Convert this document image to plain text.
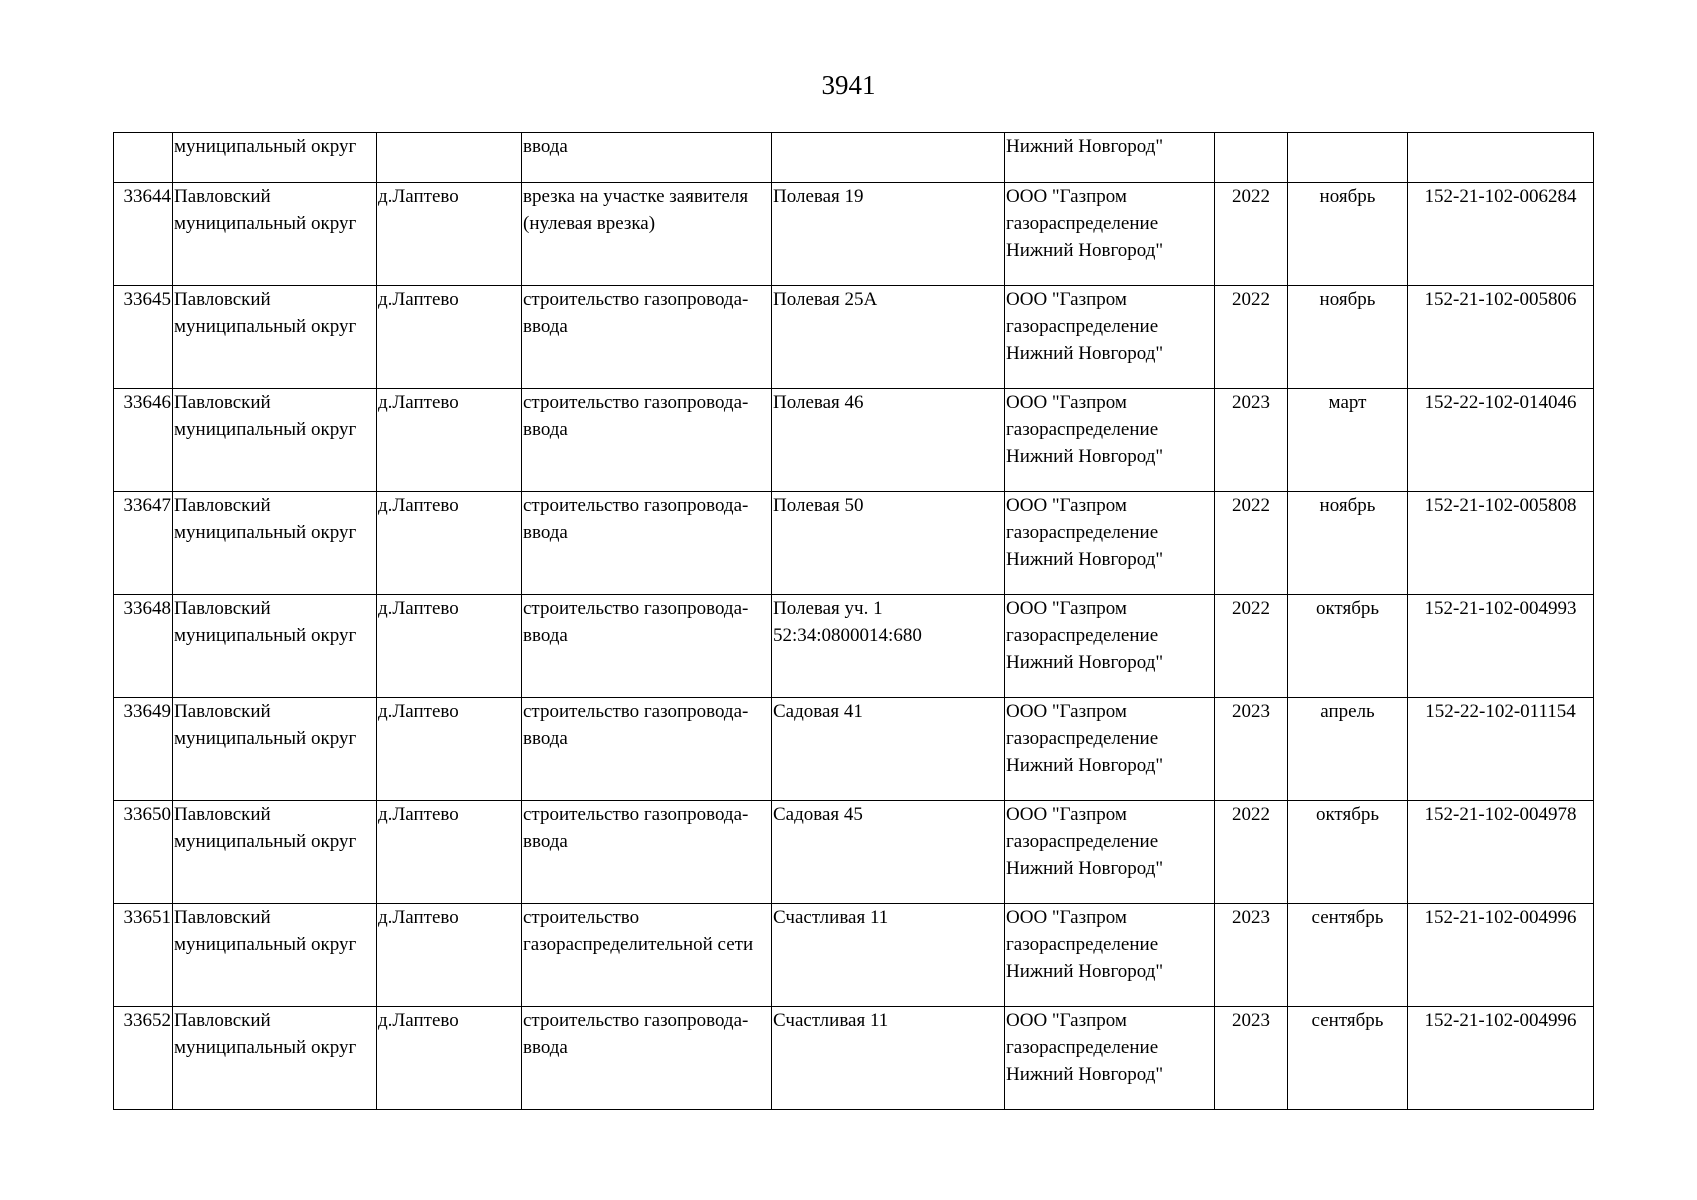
3941

	муниципальный округ		ввода		Нижний Новгород"			

33644	Павловский
муниципальный округ	д.Лаптево	врезка на участке заявителя
(нулевая врезка)	Полевая 19	ООО "Газпром
газораспределение
Нижний Новгород"	2022	ноябрь	152-21-102-006284
33645	Павловский
муниципальный округ	д.Лаптево	строительство газопровода-
ввода	Полевая 25А	ООО "Газпром
газораспределение
Нижний Новгород"	2022	ноябрь	152-21-102-005806
33646	Павловский
муниципальный округ	д.Лаптево	строительство газопровода-
ввода	Полевая 46	ООО "Газпром
газораспределение
Нижний Новгород"	2023	март	152-22-102-014046
33647	Павловский
муниципальный округ	д.Лаптево	строительство газопровода-
ввода	Полевая 50	ООО "Газпром
газораспределение
Нижний Новгород"	2022	ноябрь	152-21-102-005808
33648	Павловский
муниципальный округ	д.Лаптево	строительство газопровода-
ввода	Полевая уч. 1
52:34:0800014:680	ООО "Газпром
газораспределение
Нижний Новгород"	2022	октябрь	152-21-102-004993
33649	Павловский
муниципальный округ	д.Лаптево	строительство газопровода-
ввода	Садовая 41	ООО "Газпром
газораспределение
Нижний Новгород"	2023	апрель	152-22-102-011154
33650	Павловский
муниципальный округ	д.Лаптево	строительство газопровода-
ввода	Садовая 45	ООО "Газпром
газораспределение
Нижний Новгород"	2022	октябрь	152-21-102-004978
33651	Павловский
муниципальный округ	д.Лаптево	строительство
газораспределительной сети	Счастливая 11	ООО "Газпром
газораспределение
Нижний Новгород"	2023	сентябрь	152-21-102-004996
33652	Павловский
муниципальный округ	д.Лаптево	строительство газопровода-
ввода	Счастливая 11	ООО "Газпром
газораспределение
Нижний Новгород"	2023	сентябрь	152-21-102-004996
